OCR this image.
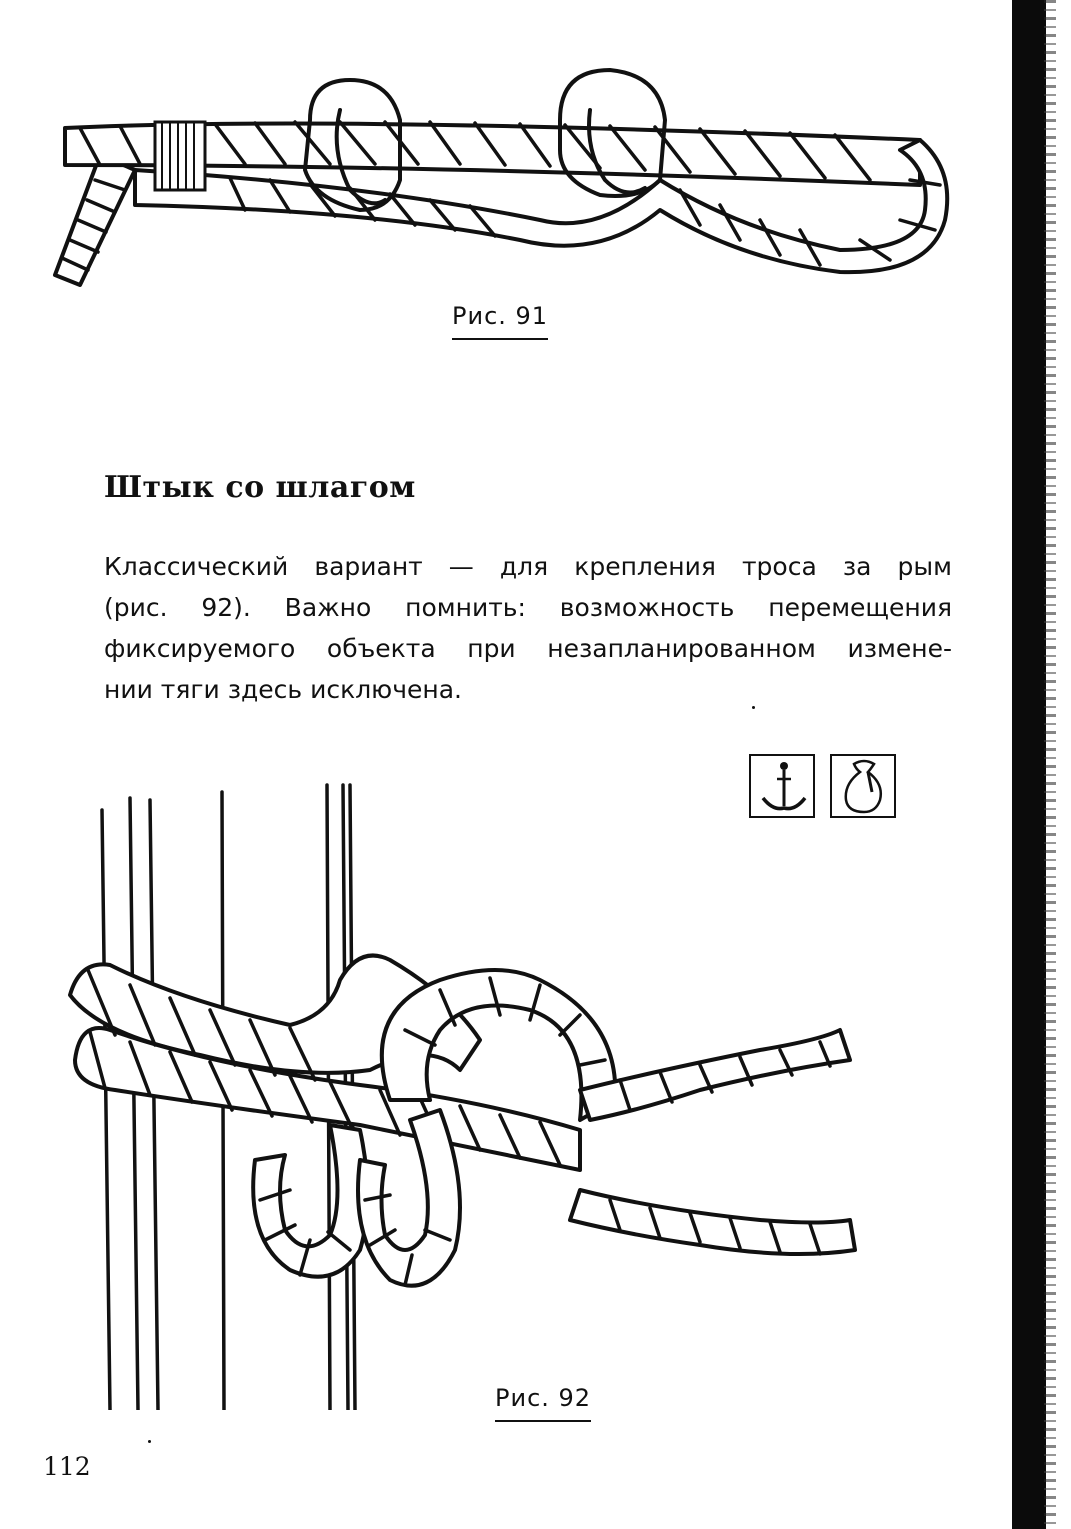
Рис. 91
Штык со шлагом
Классический вариант — для крепления троса за рым
(рис. 92). Важно помнить: возможность перемещения
фиксируемого объекта при незапланированном измене-
нии тяги здесь исключена.
Рис. 92
112
